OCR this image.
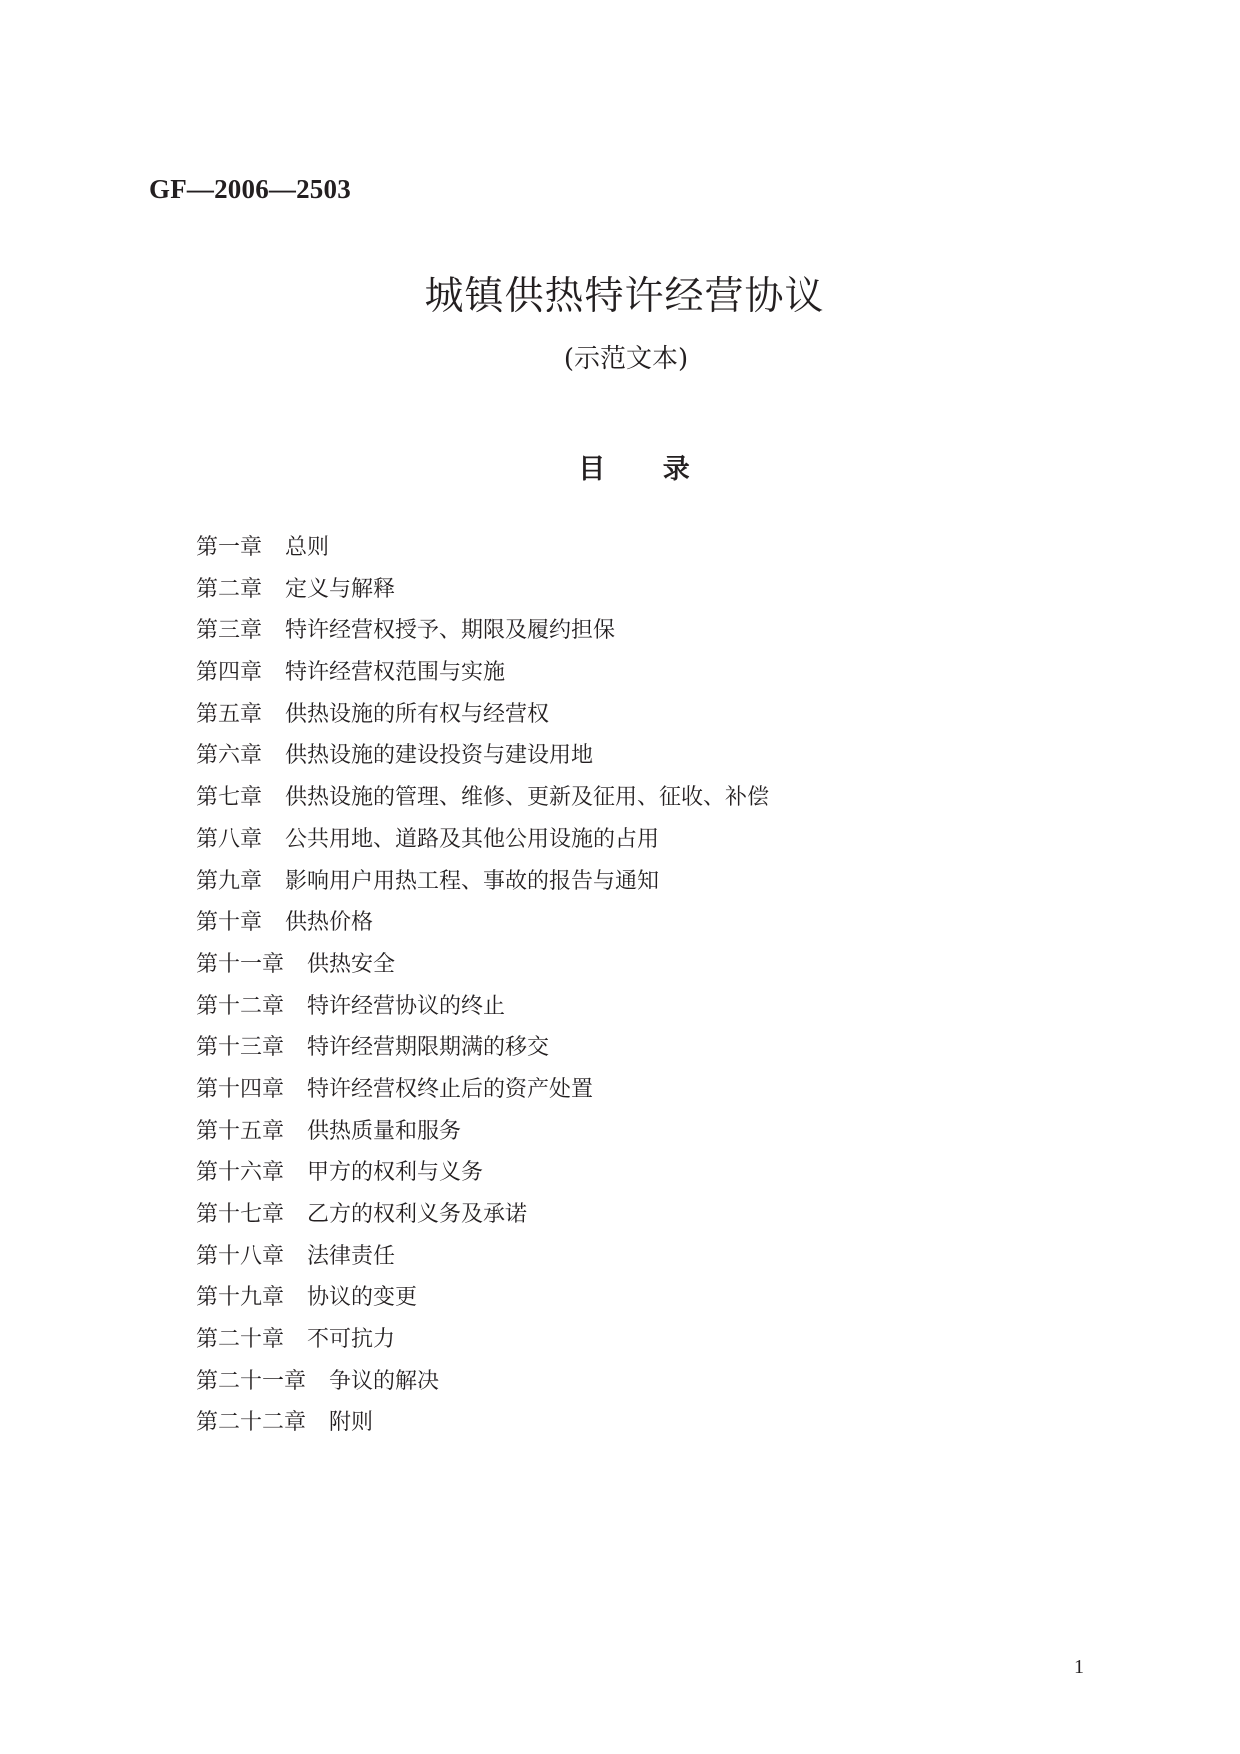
GF—2006—2503
城镇供热特许经营协议
(示范文本)
目 录
第一章 总则
第二章 定义与解释
第三章 特许经营权授予、期限及履约担保
第四章 特许经营权范围与实施
第五章 供热设施的所有权与经营权
第六章 供热设施的建设投资与建设用地
第七章 供热设施的管理、维修、更新及征用、征收、补偿
第八章 公共用地、道路及其他公用设施的占用
第九章 影响用户用热工程、事故的报告与通知
第十章 供热价格
第十一章 供热安全
第十二章 特许经营协议的终止
第十三章 特许经营期限期满的移交
第十四章 特许经营权终止后的资产处置
第十五章 供热质量和服务
第十六章 甲方的权利与义务
第十七章 乙方的权利义务及承诺
第十八章 法律责任
第十九章 协议的变更
第二十章 不可抗力
第二十一章 争议的解决
第二十二章 附则
1
